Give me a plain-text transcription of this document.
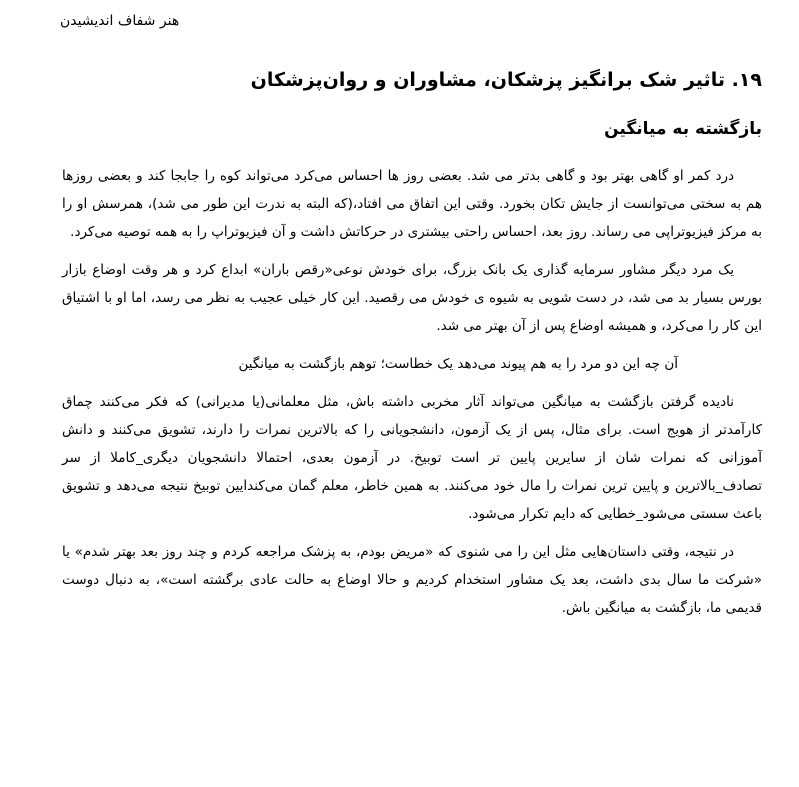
هنر شفاف اندیشیدن
۱۹. تاثیر شک برانگیز پزشکان، مشاوران و روان‌پزشکان
بازگشته به میانگین

درد کمر او گاهی بهتر بود و گاهی بدتر می شد. بعضی روز ها احساس می‌کرد می‌تواند کوه را جابجا کند و بعضی روزها هم به سختی می‌توانست از جایش تکان بخورد. وقتی این اتفاق می افتاد،(که البته به ندرت این طور می شد)، همرسش او را به مرکز فیزیوتراپی می رساند. روز بعد، احساس راحتی بیشتری در حرکاتش داشت و آن فیزیوتراپ را به همه توصیه می‌کرد.

یک مرد دیگر مشاور سرمایه گذاری یک بانک بزرگ، برای خودش نوعی«رقص باران» ابداع کرد و هر وقت اوضاع بازار بورس بسیار بد می شد، در دست شویی به شیوه ی خودش می رقصید. این کار خیلی عجیب به نظر می رسد، اما او با اشتیاق این کار را می‌کرد، و همیشه اوضاع پس از آن بهتر می شد.

آن چه این دو مرد را به هم پیوند می‌دهد یک خطاست؛ توهم بازگشت به میانگین

نادیده گرفتن بازگشت به میانگین می‌تواند آثار مخربی داشته باش، مثل معلمانی(یا مدیرانی) که فکر می‌کنند چماق کارآمدتر از هویج است. برای مثال، پس از یک آزمون، دانشجویانی را که بالاترین نمرات را دارند، تشویق می‌کنند و دانش آموزانی که نمرات شان از سایرین پایین تر است توبیخ. در آزمون بعدی، احتمالا دانشجویان دیگری_کاملا از سر تصادف_بالاترین و پایین ترین نمرات را مال خود می‌کنند. به همین خاطر، معلم گمان می‌کندایین توبیخ نتیجه می‌دهد و تشویق باعث سستی می‌شود_خطایی که دایم تکرار می‌شود.

در نتیجه، وقتی داستان‌هایی مثل این را می شنوی که «مریض بودم، به پزشک مراجعه کردم و چند روز بعد بهتر شدم» یا «شرکت ما سال بدی داشت، بعد یک مشاور استخدام کردیم و حالا اوضاع به حالت عادی برگشته است»، به دنبال دوست قدیمی ما، بازگشت به میانگین باش.
